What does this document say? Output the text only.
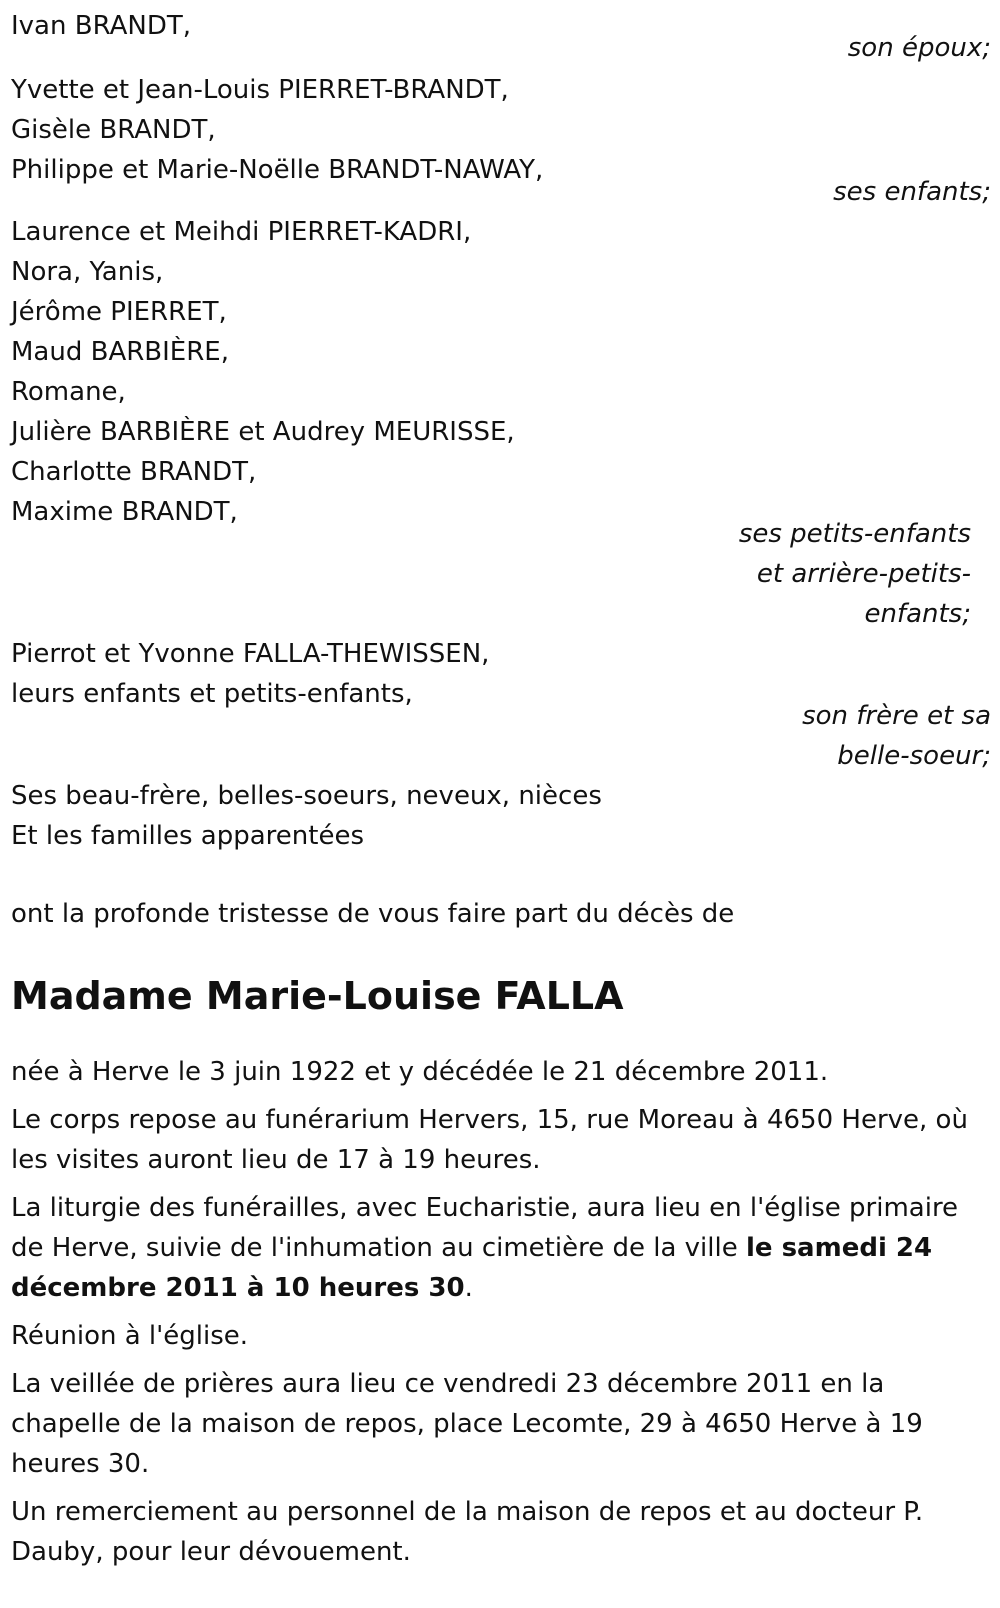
Ivan BRANDT,
son époux;
Yvette et Jean-Louis PIERRET-BRANDT,
Gisèle BRANDT,
Philippe et Marie-Noëlle BRANDT-NAWAY,
ses enfants;
Laurence et Meihdi PIERRET-KADRI,
Nora, Yanis,
Jérôme PIERRET,
Maud BARBIÈRE,
Romane,
Julière BARBIÈRE et Audrey MEURISSE,
Charlotte BRANDT,
Maxime BRANDT,
ses petits-enfants
et arrière-petits-
enfants;
Pierrot et Yvonne FALLA-THEWISSEN,
leurs enfants et petits-enfants,
son frère et sa
belle-soeur;
Ses beau-frère, belles-soeurs, neveux, nièces
Et les familles apparentées
ont la profonde tristesse de vous faire part du décès de
Madame Marie-Louise FALLA
née à Herve le 3 juin 1922 et y décédée le 21 décembre 2011.
Le corps repose au funérarium Hervers, 15, rue Moreau à 4650 Herve, où les visites auront lieu de 17 à 19 heures.
La liturgie des funérailles, avec Eucharistie, aura lieu en l'église primaire de Herve, suivie de l'inhumation au cimetière de la ville le samedi 24 décembre 2011 à 10 heures 30.
Réunion à l'église.
La veillée de prières aura lieu ce vendredi 23 décembre 2011 en la chapelle de la maison de repos, place Lecomte, 29 à 4650 Herve à 19 heures 30.
Un remerciement au personnel de la maison de repos et au docteur P. Dauby, pour leur dévouement.
